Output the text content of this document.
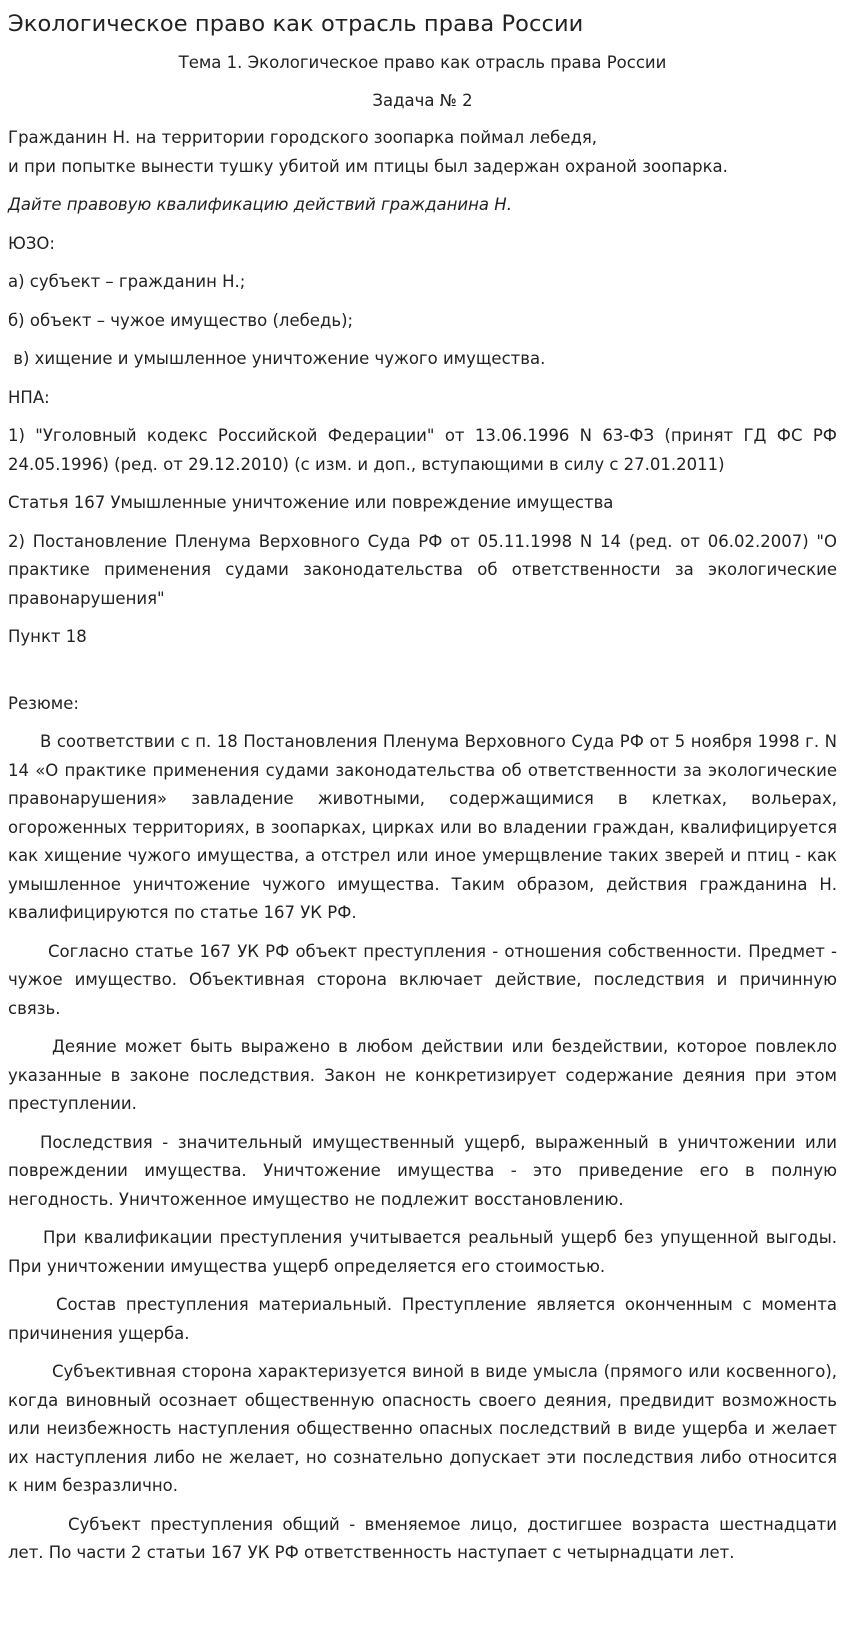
Экологическое право как отрасль права России

Тема 1. Экологическое право как отрасль права России

Задача № 2

Гражданин Н. на территории городского зоопарка поймал лебедя,

и при попытке вынести тушку убитой им птицы был задержан охраной зоопарка.

Дайте правовую квалификацию действий гражданина Н.

ЮЗО:

а) субъект – гражданин Н.;

б) объект – чужое имущество (лебедь);

в) хищение и умышленное уничтожение чужого имущества.

НПА:

1) "Уголовный кодекс Российской Федерации" от 13.06.1996 N 63-ФЗ (принят ГД ФС РФ 24.05.1996) (ред. от 29.12.2010) (с изм. и доп., вступающими в силу с 27.01.2011)

Статья 167 Умышленные уничтожение или повреждение имущества

2) Постановление Пленума Верховного Суда РФ от 05.11.1998 N 14 (ред. от 06.02.2007) "О практике применения судами законодательства об ответственности за экологические правонарушения"

Пункт 18

Резюме:

В соответствии с п. 18 Постановления Пленума Верховного Суда РФ от 5 ноября 1998 г. N 14 «О практике применения судами законодательства об ответственности за экологические правонарушения» завладение животными, содержащимися в клетках, вольерах, огороженных территориях, в зоопарках, цирках или во владении граждан, квалифицируется как хищение чужого имущества, а отстрел или иное умерщвление таких зверей и птиц - как умышленное уничтожение чужого имущества. Таким образом, действия гражданина Н. квалифицируются по статье 167 УК РФ.

Согласно статье 167 УК РФ объект преступления - отношения собственности. Предмет - чужое имущество. Объективная сторона включает действие, последствия и причинную связь.

Деяние может быть выражено в любом действии или бездействии, которое повлекло указанные в законе последствия. Закон не конкретизирует содержание деяния при этом преступлении.

Последствия - значительный имущественный ущерб, выраженный в уничтожении или повреждении имущества. Уничтожение имущества - это приведение его в полную негодность. Уничтоженное имущество не подлежит восстановлению.

При квалификации преступления учитывается реальный ущерб без упущенной выгоды. При уничтожении имущества ущерб определяется его стоимостью.

Состав преступления материальный. Преступление является оконченным с момента причинения ущерба.

Субъективная сторона характеризуется виной в виде умысла (прямого или косвенного), когда виновный осознает общественную опасность своего деяния, предвидит возможность или неизбежность наступления общественно опасных последствий в виде ущерба и желает их наступления либо не желает, но сознательно допускает эти последствия либо относится к ним безразлично.

Субъект преступления общий - вменяемое лицо, достигшее возраста шестнадцати лет. По части 2 статьи 167 УК РФ ответственность наступает с четырнадцати лет.
